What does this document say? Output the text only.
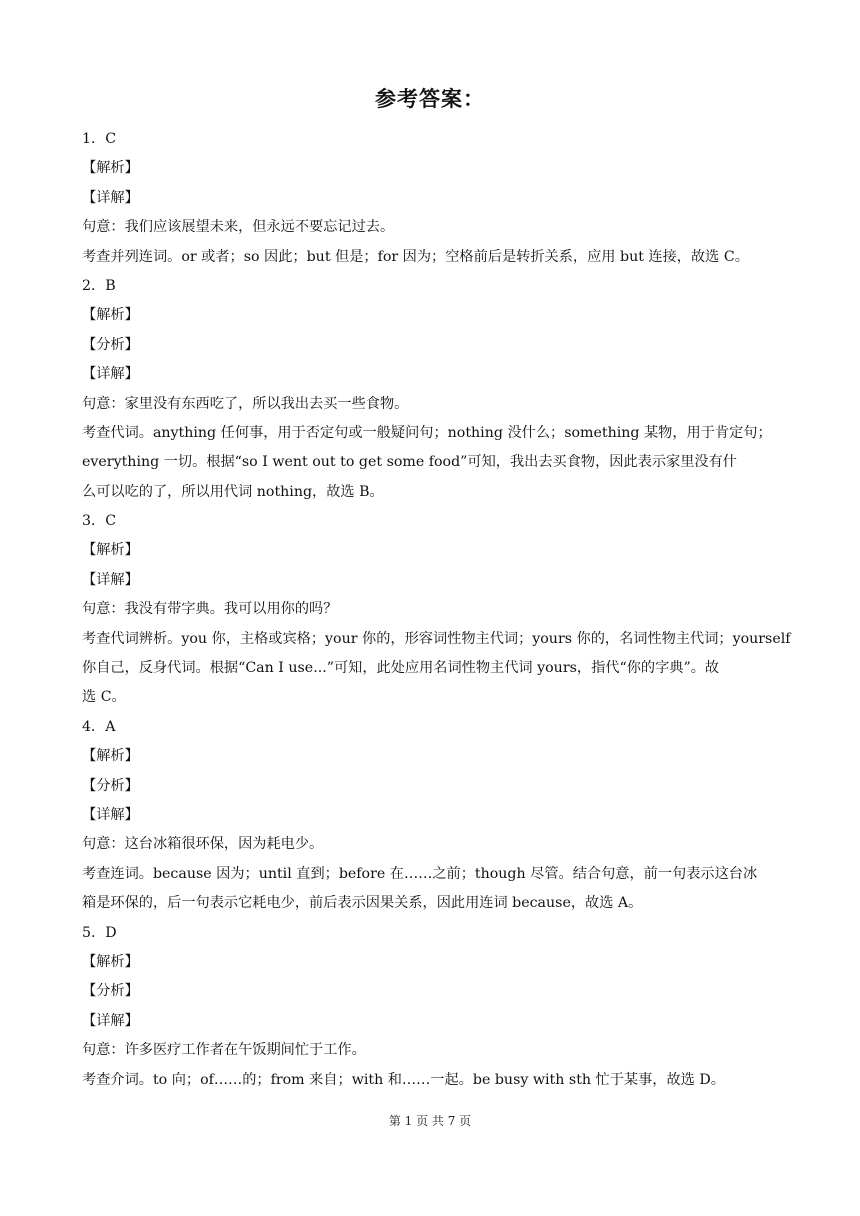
参考答案：
1．C
【解析】
【详解】
句意：我们应该展望未来，但永远不要忘记过去。
考查并列连词。or 或者；so 因此；but 但是；for 因为；空格前后是转折关系，应用 but 连接，故选 C。
2．B
【解析】
【分析】
【详解】
句意：家里没有东西吃了，所以我出去买一些食物。
考查代词。anything 任何事，用于否定句或一般疑问句；nothing 没什么；something 某物，用于肯定句；
everything 一切。根据“so I went out to get some food”可知，我出去买食物，因此表示家里没有什
么可以吃的了，所以用代词 nothing，故选 B。
3．C
【解析】
【详解】
句意：我没有带字典。我可以用你的吗？
考查代词辨析。you 你，主格或宾格；your 你的，形容词性物主代词；yours 你的，名词性物主代词；yourself
你自己，反身代词。根据“Can I use...”可知，此处应用名词性物主代词 yours，指代“你的字典”。故
选 C。
4．A
【解析】
【分析】
【详解】
句意：这台冰箱很环保，因为耗电少。
考查连词。because 因为；until 直到；before 在……之前；though 尽管。结合句意，前一句表示这台冰
箱是环保的，后一句表示它耗电少，前后表示因果关系，因此用连词 because，故选 A。
5．D
【解析】
【分析】
【详解】
句意：许多医疗工作者在午饭期间忙于工作。
考查介词。to 向；of……的；from 来自；with 和……一起。be busy with sth 忙于某事，故选 D。
第 1 页 共 7 页
